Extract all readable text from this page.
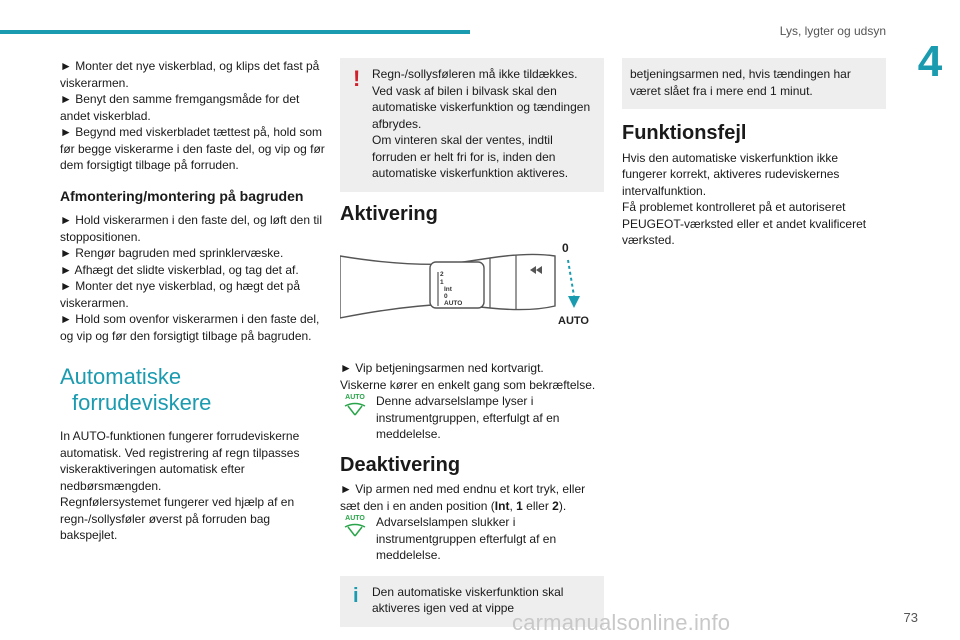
Lys, lygter og udsyn
4

► Monter det nye viskerblad, og klips det fast på viskerarmen.

► Benyt den samme fremgangsmåde for det andet viskerblad.

► Begynd med viskerbladet tættest på, hold som før begge viskerarme i den faste del, og vip og før dem forsigtigt tilbage på forruden.

Afmontering/montering på bagruden

► Hold viskerarmen i den faste del, og løft den til stoppositionen.

► Rengør bagruden med sprinklervæske.

► Afhægt det slidte viskerblad, og tag det af.

► Monter det nye viskerblad, og hægt det på viskerarmen.

► Hold som ovenfor viskerarmen i den faste del, og vip og før den forsigtigt tilbage på bagruden.

Automatiske
forrudeviskere

In AUTO-funktionen fungerer forrudeviskerne automatisk. Ved registrering af regn tilpasses viskeraktiveringen automatisk efter nedbørsmængden.

Regnfølersystemet fungerer ved hjælp af en regn-/sollysføler øverst på forruden bag bakspejlet.

! Regn-/sollysføleren må ikke tildækkes.

Ved vask af bilen i bilvask skal den automatiske viskerfunktion og tændingen afbrydes.

Om vinteren skal der ventes, indtil forruden er helt fri for is, inden den automatiske viskerfunktion aktiveres.

Aktivering
2
1
Int
0
AUTO
0
AUTO

► Vip betjeningsarmen ned kortvarigt.

Viskerne kører en enkelt gang som bekræftelse.

AUTO Denne advarselslampe lyser i instrumentgruppen, efterfulgt af en meddelelse.
Deaktivering

► Vip armen ned med endnu et kort tryk, eller sæt den i en anden position (Int, 1 eller 2).

AUTO Advarselslampen slukker i instrumentgruppen efterfulgt af en meddelelse.
i	Den automatiske viskerfunktion skal aktiveres igen ved at vippe

betjeningsarmen ned, hvis tændingen har været slået fra i mere end 1 minut.

Funktionsfejl

Hvis den automatiske viskerfunktion ikke fungerer korrekt, aktiveres rudeviskernes intervalfunktion.

Få problemet kontrolleret på et autoriseret PEUGEOT-værksted eller et andet kvalificeret værksted.

73
carmanualsonline.info
